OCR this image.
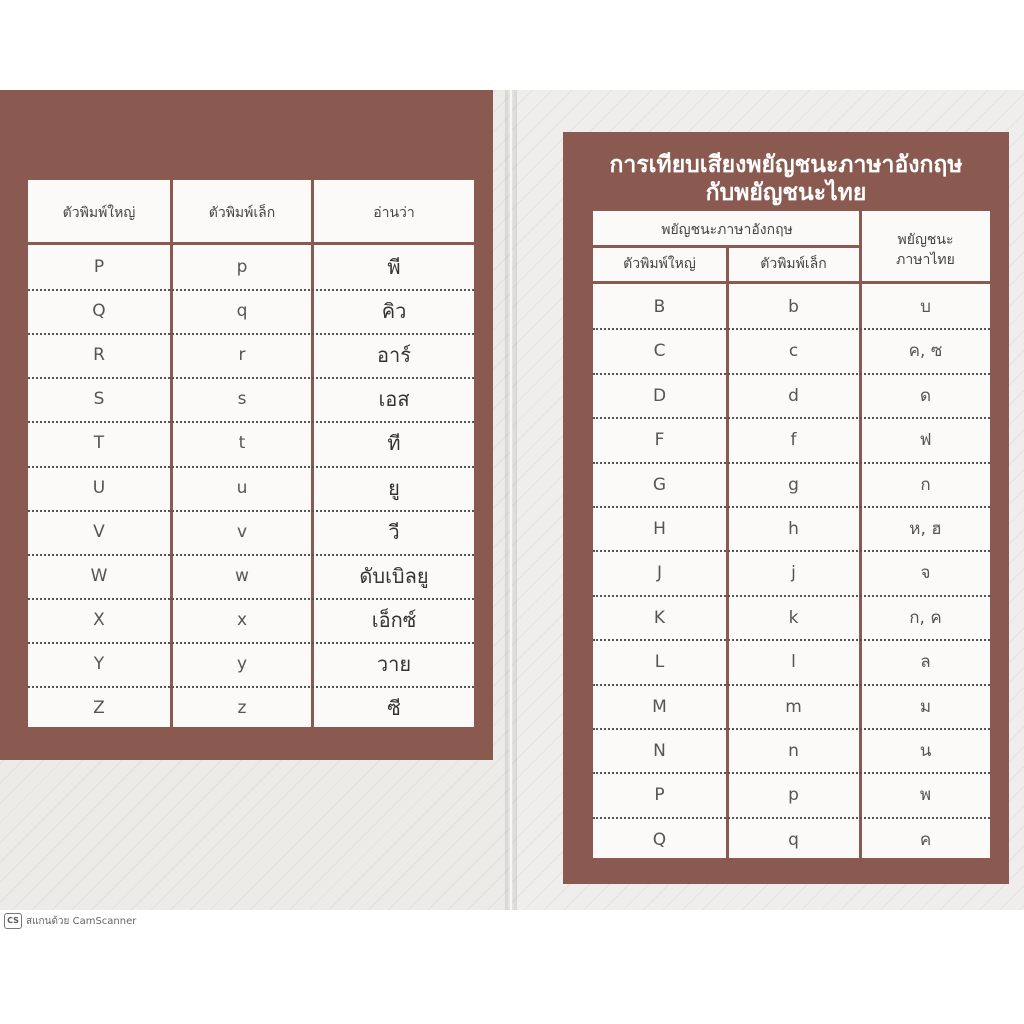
การเทียบเสียงพยัญชนะภาษาอังกฤษ
กับพยัญชนะไทย
ตัวพิมพ์ใหญ่	ตัวพิมพ์เล็ก	อ่านว่า
P	p	พี
Q	q	คิว
R	r	อาร์
S	s	เอส
T	t	ที
U	u	ยู
V	v	วี
W	w	ดับเบิลยู
X	x	เอ็กซ์
Y	y	วาย
Z	z	ซี
พยัญชนะภาษาอังกฤษ
ตัวพิมพ์ใหญ่	ตัวพิมพ์เล็ก
พยัญชนะ
ภาษาไทย
B	b	บ
C	c	ค, ซ
D	d	ด
F	f	ฟ
G	g	ก
H	h	ห, ฮ
J	j	จ
K	k	ก, ค
L	l	ล
M	m	ม
N	n	น
P	p	พ
Q	q	ค
CS สแกนด้วย CamScanner
